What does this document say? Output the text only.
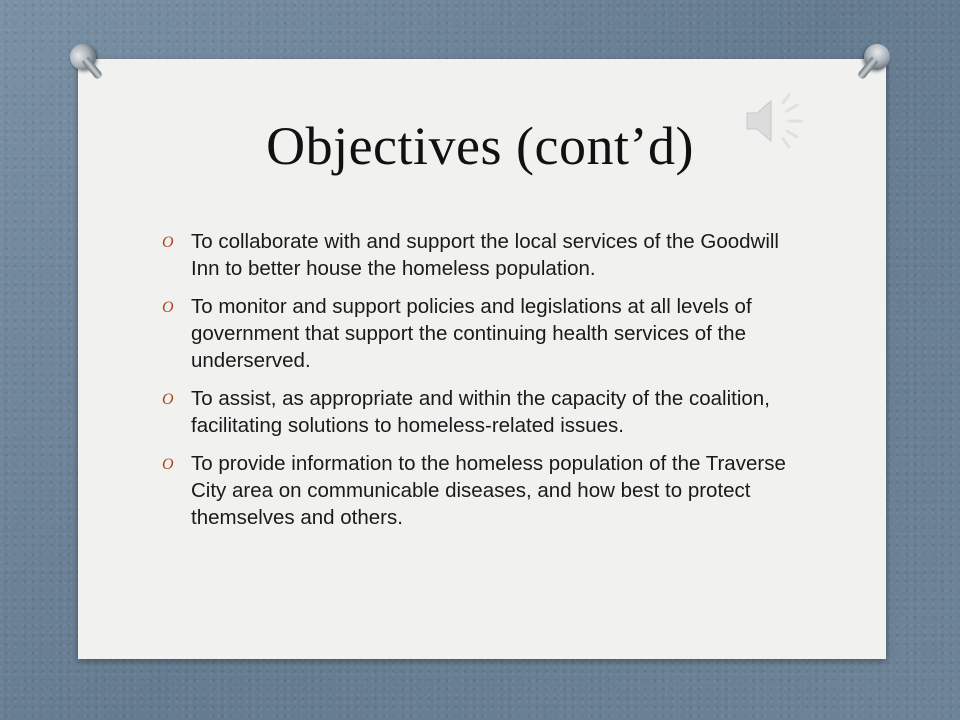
Objectives (cont’d)
O To collaborate with and support the local services of the Goodwill Inn to better house the homeless population.
O To monitor and support policies and legislations at all levels of government that support the continuing health services of the underserved.
O To assist, as appropriate and within the capacity of the coalition, facilitating solutions to homeless-related issues.
O To provide information to the homeless population of the Traverse City area on communicable diseases, and how best to protect themselves and others.
